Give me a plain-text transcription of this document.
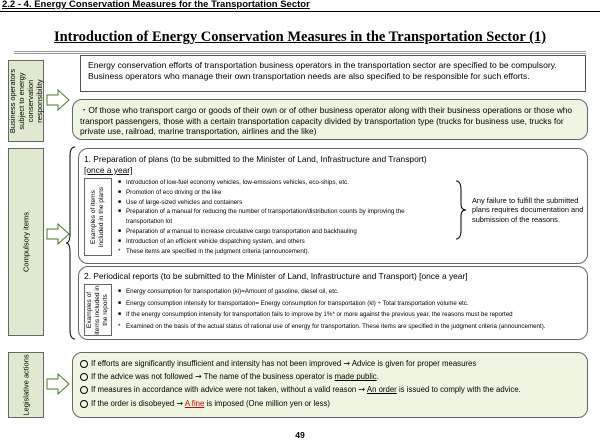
2.2 - 4. Energy Conservation Measures for the Transportation Sector
Introduction of Energy Conservation Measures in the Transportation Sector (1)
Business operators subject to energy conservation responsibility
Energy conservation efforts of transportation business operators in the transportation sector are specified to be compulsory. Business operators who manage their own transportation needs are also specified to be responsible for such efforts.
・Of those who transport cargo or goods of their own or of other business operator along with their business operations or those who transport passengers, those with a certain transportation capacity divided by transportation type (trucks for business use, trucks for private use, railroad, marine transportation, airlines and the like)
Compulsory items
1. Preparation of plans (to be submitted to the Minister of Land, Infrastructure and Transport)
[once a year]
Examples of items included in the plans
■ Introduction of low-fuel economy vehicles, low-emissions vehicles, eco-ships, etc.
■ Promotion of eco driving or the like
■ Use of large-sized vehicles and containers
■ Preparation of a manual for reducing the number of transportation/distribution counts by improving the transportation lot
■ Preparation of a manual to increase circulative cargo transportation and backhauling
■ Introduction of an efficient vehicle dispatching system, and others
* These items are specified in the judgment criteria (announcement).
Any failure to fulfill the submitted plans requires documentation and submission of the reasons.
2. Periodical reports (to be submitted to the Minister of Land, Infrastructure and Transport) [once a year]
Examples of items included in the reports
■ Energy consumption for transportation (kl)=Amount of gasoline, diesel oil, etc.
■ Energy consumption intensity for transportation= Energy consumption for transportation (kl) ÷ Total transportation volume etc.
■ If the energy consumption intensity for transportation fails to improve by 1%* or more against the previous year, the reasons must be reported
* Examined on the basis of the actual status of rational use of energy for transportation. These items are specified in the judgment criteria (announcement).
Legislative actions	If efforts are significantly insufficient and intensity has not been improved → Advice is given for proper measures
If the advice was not followed → The name of the business operator is made public.
If measures in accordance with advice were not taken, without a valid reason → An order is issued to comply with the advice.
If the order is disobeyed → A fine is imposed (One million yen or less)
49
